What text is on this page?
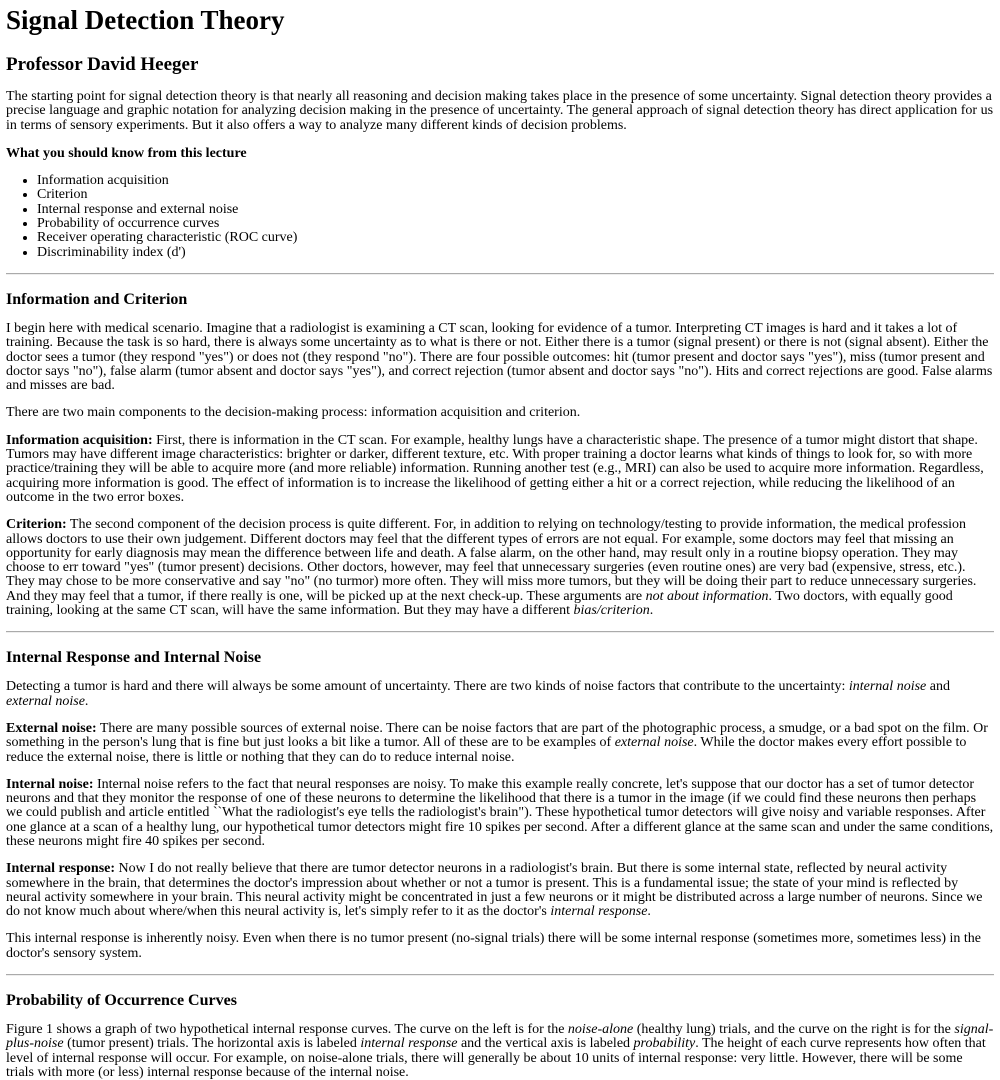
Signal Detection Theory
Professor David Heeger

The starting point for signal detection theory is that nearly all reasoning and decision making takes place in the presence of some uncertainty. Signal detection theory provides a precise language and graphic notation for analyzing decision making in the presence of uncertainty. The general approach of signal detection theory has direct application for us in terms of sensory experiments. But it also offers a way to analyze many different kinds of decision problems.

What you should know from this lecture

• Information acquisition
• Criterion
• Internal response and external noise
• Probability of occurrence curves
• Receiver operating characteristic (ROC curve)
• Discriminability index (d')
Information and Criterion

I begin here with medical scenario. Imagine that a radiologist is examining a CT scan, looking for evidence of a tumor. Interpreting CT images is hard and it takes a lot of training. Because the task is so hard, there is always some uncertainty as to what is there or not. Either there is a tumor (signal present) or there is not (signal absent). Either the doctor sees a tumor (they respond "yes") or does not (they respond "no"). There are four possible outcomes: hit (tumor present and doctor says "yes"), miss (tumor present and doctor says "no"), false alarm (tumor absent and doctor says "yes"), and correct rejection (tumor absent and doctor says "no"). Hits and correct rejections are good. False alarms and misses are bad.

There are two main components to the decision-making process: information acquisition and criterion.

Information acquisition: First, there is information in the CT scan. For example, healthy lungs have a characteristic shape. The presence of a tumor might distort that shape. Tumors may have different image characteristics: brighter or darker, different texture, etc. With proper training a doctor learns what kinds of things to look for, so with more practice/training they will be able to acquire more (and more reliable) information. Running another test (e.g., MRI) can also be used to acquire more information. Regardless, acquiring more information is good. The effect of information is to increase the likelihood of getting either a hit or a correct rejection, while reducing the likelihood of an outcome in the two error boxes.

Criterion: The second component of the decision process is quite different. For, in addition to relying on technology/testing to provide information, the medical profession allows doctors to use their own judgement. Different doctors may feel that the different types of errors are not equal. For example, some doctors may feel that missing an opportunity for early diagnosis may mean the difference between life and death. A false alarm, on the other hand, may result only in a routine biopsy operation. They may choose to err toward "yes" (tumor present) decisions. Other doctors, however, may feel that unnecessary surgeries (even routine ones) are very bad (expensive, stress, etc.). They may chose to be more conservative and say "no" (no turmor) more often. They will miss more tumors, but they will be doing their part to reduce unnecessary surgeries. And they may feel that a tumor, if there really is one, will be picked up at the next check-up. These arguments are not about information. Two doctors, with equally good training, looking at the same CT scan, will have the same information. But they may have a different bias/criterion.

Internal Response and Internal Noise

Detecting a tumor is hard and there will always be some amount of uncertainty. There are two kinds of noise factors that contribute to the uncertainty: internal noise and external noise.

External noise: There are many possible sources of external noise. There can be noise factors that are part of the photographic process, a smudge, or a bad spot on the film. Or something in the person's lung that is fine but just looks a bit like a tumor. All of these are to be examples of external noise. While the doctor makes every effort possible to reduce the external noise, there is little or nothing that they can do to reduce internal noise.

Internal noise: Internal noise refers to the fact that neural responses are noisy. To make this example really concrete, let's suppose that our doctor has a set of tumor detector neurons and that they monitor the response of one of these neurons to determine the likelihood that there is a tumor in the image (if we could find these neurons then perhaps we could publish and article entitled ``What the radiologist's eye tells the radiologist's brain"). These hypothetical tumor detectors will give noisy and variable responses. After one glance at a scan of a healthy lung, our hypothetical tumor detectors might fire 10 spikes per second. After a different glance at the same scan and under the same conditions, these neurons might fire 40 spikes per second.

Internal response: Now I do not really believe that there are tumor detector neurons in a radiologist's brain. But there is some internal state, reflected by neural activity somewhere in the brain, that determines the doctor's impression about whether or not a tumor is present. This is a fundamental issue; the state of your mind is reflected by neural activity somewhere in your brain. This neural activity might be concentrated in just a few neurons or it might be distributed across a large number of neurons. Since we do not know much about where/when this neural activity is, let's simply refer to it as the doctor's internal response.

This internal response is inherently noisy. Even when there is no tumor present (no-signal trials) there will be some internal response (sometimes more, sometimes less) in the doctor's sensory system.

Probability of Occurrence Curves

Figure 1 shows a graph of two hypothetical internal response curves. The curve on the left is for the noise-alone (healthy lung) trials, and the curve on the right is for the signal-plus-noise (tumor present) trials. The horizontal axis is labeled internal response and the vertical axis is labeled probability. The height of each curve represents how often that level of internal response will occur. For example, on noise-alone trials, there will generally be about 10 units of internal response: very little. However, there will be some trials with more (or less) internal response because of the internal noise.
